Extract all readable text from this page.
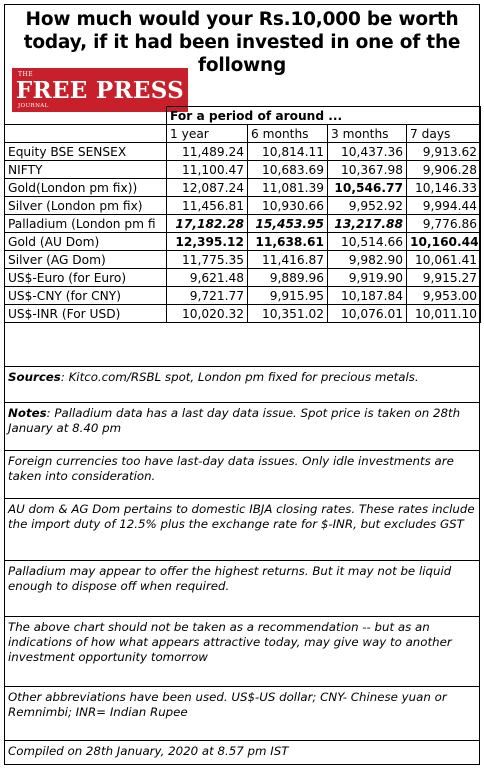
How much would your Rs.10,000 be worth today, if it had been invested in one of the followng
THE
FREE PRESS
JOURNAL
	For a period of around ...			
	1 year	6 months	3 months	7 days
Equity BSE SENSEX	11,489.24	10,814.11	10,437.36	9,913.62
NIFTY	11,100.47	10,683.69	10,367.98	9,906.28
Gold(London pm fix))	12,087.24	11,081.39	10,546.77	10,146.33
Silver (London pm fix)	11,456.81	10,930.66	9,952.92	9,994.44
Palladium (London pm fi	17,182.28	15,453.95	13,217.88	9,776.86
Gold (AU Dom)	12,395.12	11,638.61	10,514.66	10,160.44
Silver (AG Dom)	11,775.35	11,416.87	9,982.90	10,061.41
US$-Euro (for Euro)	9,621.48	9,889.96	9,919.90	9,915.27
US$-CNY (for CNY)	9,721.77	9,915.95	10,187.84	9,953.00
US$-INR (For USD)	10,020.32	10,351.02	10,076.01	10,011.10
Sources: Kitco.com/RSBL spot, London pm fixed for precious metals.
Notes: Palladium data has a last day data issue. Spot price is taken on 28th January at 8.40 pm
Foreign currencies too have last-day data issues. Only idle investments are taken into consideration.
AU dom & AG Dom pertains to domestic IBJA closing rates. These rates include the import duty of 12.5% plus the exchange rate for $-INR, but excludes GST
Palladium may appear to offer the highest returns. But it may not be liquid enough to dispose off when required.
The above chart should not be taken as a recommendation -- but as an indications of how what appears attractive today, may give way to another investment opportunity tomorrow
Other abbreviations have been used. US$-US dollar; CNY- Chinese yuan or Remnimbi; INR= Indian Rupee
Compiled on 28th January, 2020 at 8.57 pm IST
